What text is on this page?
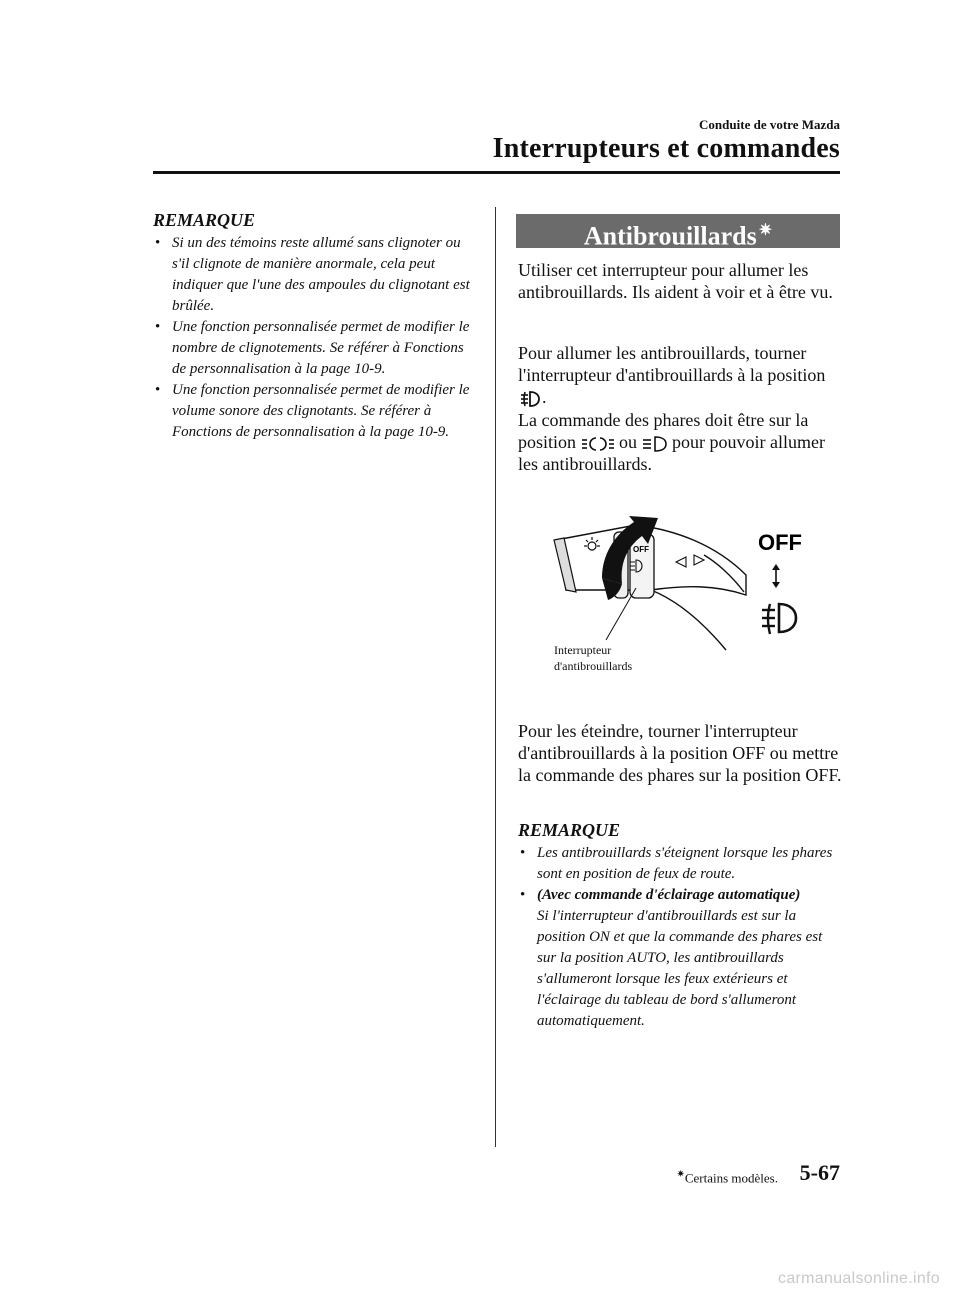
Conduite de votre Mazda
Interrupteurs et commandes
REMARQUE
• Si un des témoins reste allumé sans clignoter ou s'il clignote de manière anormale, cela peut indiquer que l'une des ampoules du clignotant est brûlée.
• Une fonction personnalisée permet de modifier le nombre de clignotements. Se référer à Fonctions de personnalisation à la page 10-9.
• Une fonction personnalisée permet de modifier le volume sonore des clignotants. Se référer à Fonctions de personnalisation à la page 10-9.
Antibrouillards ✷
Utiliser cet interrupteur pour allumer les antibrouillards. Ils aident à voir et à être vu.
Pour allumer les antibrouillards, tourner l'interrupteur d'antibrouillards à la position .
La commande des phares doit être sur la position ou pour pouvoir allumer les antibrouillards.
OFF	OFF
Interrupteur
d'antibrouillards
Pour les éteindre, tourner l'interrupteur d'antibrouillards à la position OFF ou mettre la commande des phares sur la position OFF.
REMARQUE
• Les antibrouillards s'éteignent lorsque les phares sont en position de feux de route.
• (Avec commande d'éclairage automatique)
Si l'interrupteur d'antibrouillards est sur la position ON et que la commande des phares est sur la position AUTO, les antibrouillards s'allumeront lorsque les feux extérieurs et l'éclairage du tableau de bord s'allumeront automatiquement.
✷Certains modèles. 5-67
carmanualsonline.info
